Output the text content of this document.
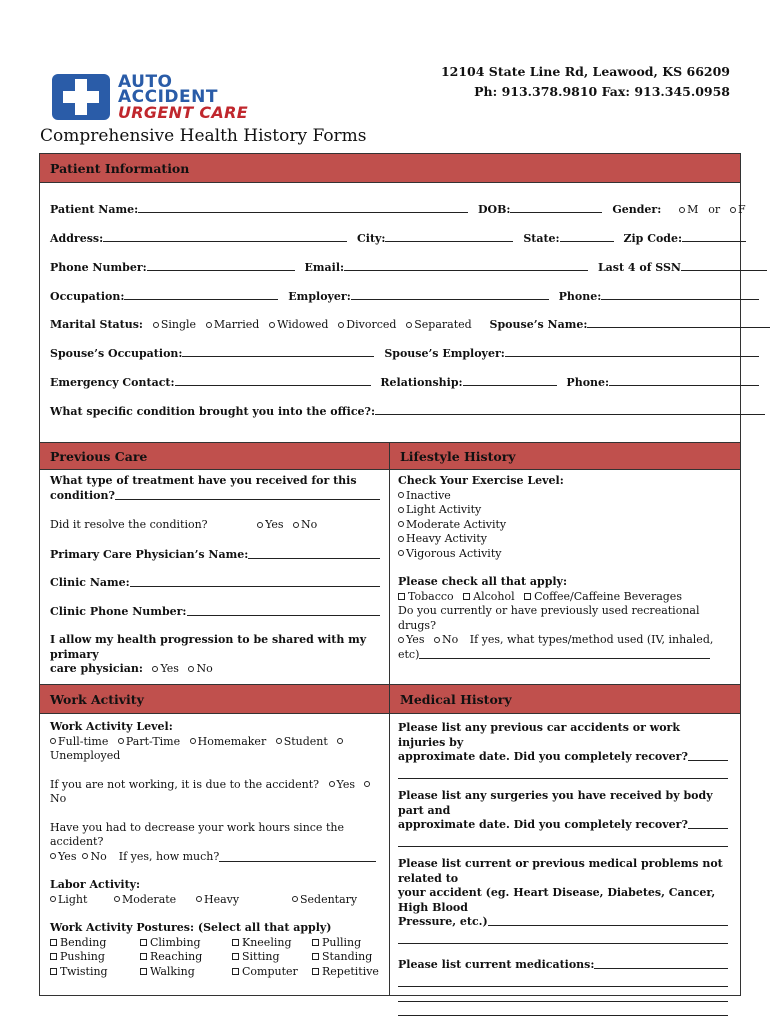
AUTO
ACCIDENT
URGENT CARE
12104 State Line Rd, Leawood, KS 66209
Ph: 913.378.9810 Fax: 913.345.0958
Comprehensive Health History Forms
Patient Information
Patient Name:	DOB:	Gender: M or F
Address:	City:	State:	Zip Code:
Phone Number:	Email:	Last 4 of SSN
Occupation:	Employer:	Phone:
Marital Status: Single Married Widowed Divorced Separated Spouse’s Name:
Spouse’s Occupation:	Spouse’s Employer:
Emergency Contact:	Relationship:	Phone:
What specific condition brought you into the office?:
Previous Care	Lifestyle History
What type of treatment have you received for this
condition?
Did it resolve the condition?	Yes No
Primary Care Physician’s Name:
Clinic Name:
Clinic Phone Number:
I allow my health progression to be shared with my primary
care physician: Yes No
Check Your Exercise Level:
Inactive
Light Activity
Moderate Activity
Heavy Activity
Vigorous Activity
Please check all that apply:
Tobacco Alcohol Coffee/Caffeine Beverages
Do you currently or have previously used recreational drugs?
Yes No If yes, what types/method used (IV, inhaled,
etc)
Work Activity	Medical History
Work Activity Level:
Full-time Part-Time Homemaker Student Unemployed
If you are not working, it is due to the accident? Yes No
Have you had to decrease your work hours since the accident?
Yes No If yes, how much?
Labor Activity:
Light	Moderate	Heavy	Sedentary
Work Activity Postures: (Select all that apply)
Bending	Climbing	Kneeling	Pulling
Pushing	Reaching	Sitting	Standing
Twisting	Walking	Computer	Repetitive
Please list any previous car accidents or work injuries by
approximate date. Did you completely recover?
Please list any surgeries you have received by body part and
approximate date. Did you completely recover?
Please list current or previous medical problems not related to
your accident (eg. Heart Disease, Diabetes, Cancer, High Blood
Pressure, etc.)
Please list current medications:
